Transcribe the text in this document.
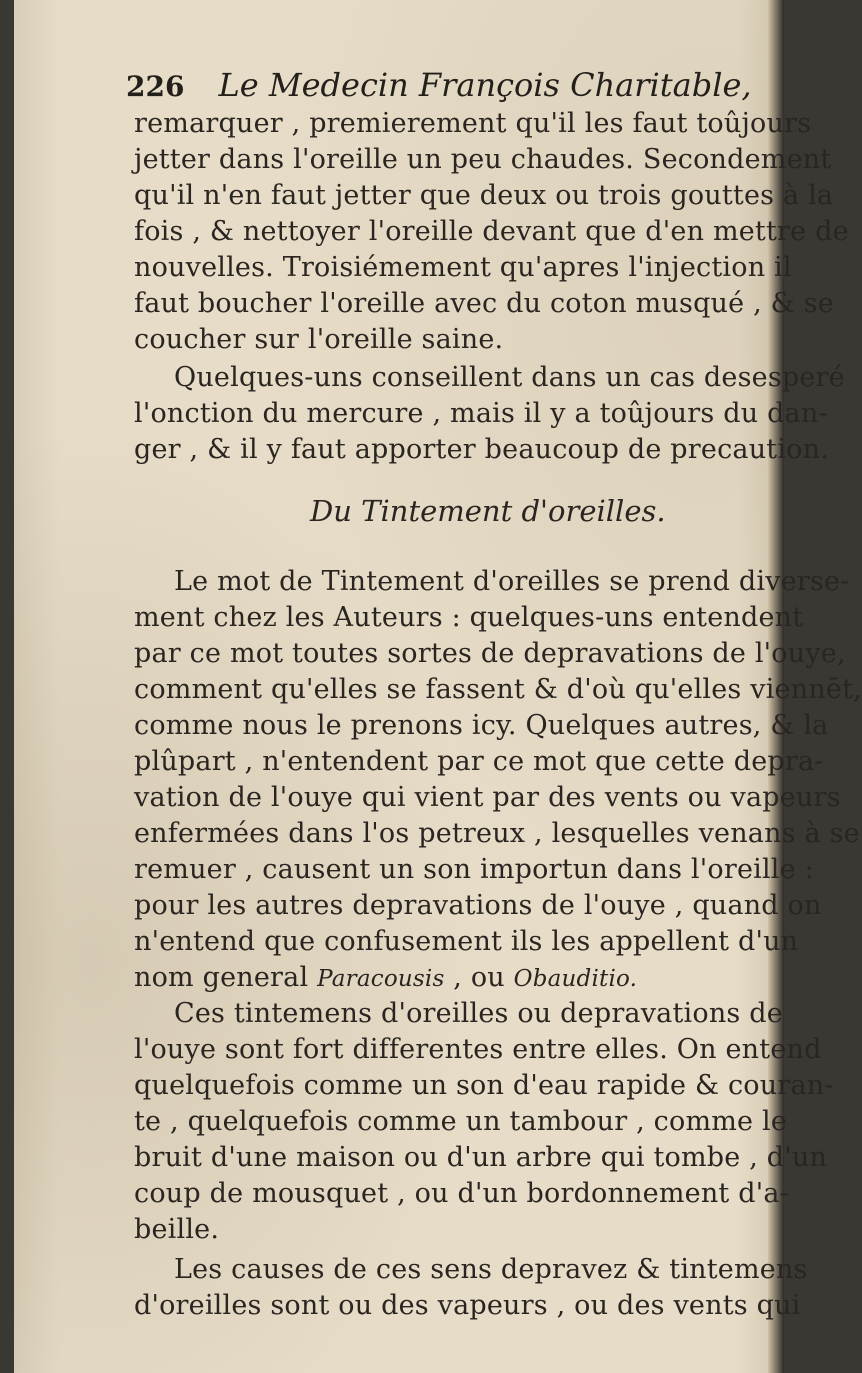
226 Le Medecin François Charitable,

remarquer , premierement qu'il les faut toûjours

jetter dans l'oreille un peu chaudes. Secondement

qu'il n'en faut jetter que deux ou trois gouttes à la

fois , & nettoyer l'oreille devant que d'en mettre de

nouvelles. Troisiémement qu'apres l'injection il

faut boucher l'oreille avec du coton musqué , & se

coucher sur l'oreille saine.

Quelques-uns conseillent dans un cas desesperé

l'onction du mercure , mais il y a toûjours du dan-

ger , & il y faut apporter beaucoup de precaution.

Du Tintement d'oreilles.

Le mot de Tintement d'oreilles se prend diverse-

ment chez les Auteurs : quelques-uns entendent

par ce mot toutes sortes de depravations de l'ouye,

comment qu'elles se fassent & d'où qu'elles viennēt,

comme nous le prenons icy. Quelques autres, & la

plûpart , n'entendent par ce mot que cette depra-

vation de l'ouye qui vient par des vents ou vapeurs

enfermées dans l'os petreux , lesquelles venans à se

remuer , causent un son importun dans l'oreille :

pour les autres depravations de l'ouye , quand on

n'entend que confusement ils les appellent d'un

nom general Paracousis , ou Obauditio.

Ces tintemens d'oreilles ou depravations de

l'ouye sont fort differentes entre elles. On entend

quelquefois comme un son d'eau rapide & couran-

te , quelquefois comme un tambour , comme le

bruit d'une maison ou d'un arbre qui tombe , d'un

coup de mousquet , ou d'un bordonnement d'a-

beille.

Les causes de ces sens depravez & tintemens

d'oreilles sont ou des vapeurs , ou des vents qui
